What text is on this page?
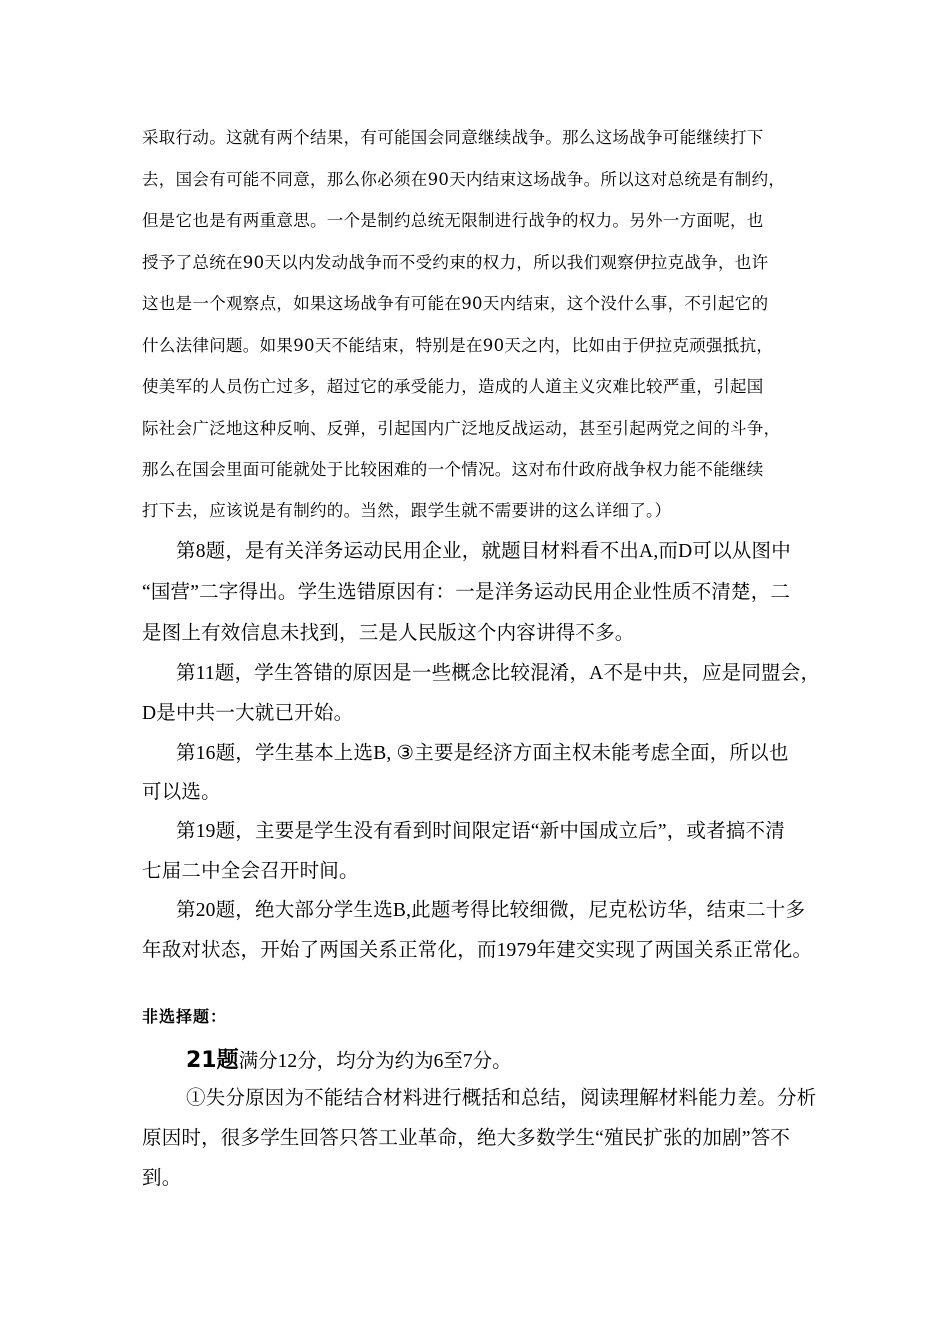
采取行动。这就有两个结果，有可能国会同意继续战争。那么这场战争可能继续打下
去，国会有可能不同意，那么你必须在90天内结束这场战争。所以这对总统是有制约，
但是它也是有两重意思。一个是制约总统无限制进行战争的权力。另外一方面呢，也
授予了总统在90天以内发动战争而不受约束的权力，所以我们观察伊拉克战争，也许
这也是一个观察点，如果这场战争有可能在90天内结束，这个没什么事，不引起它的
什么法律问题。如果90天不能结束，特别是在90天之内，比如由于伊拉克顽强抵抗，
使美军的人员伤亡过多，超过它的承受能力，造成的人道主义灾难比较严重，引起国
际社会广泛地这种反响、反弹，引起国内广泛地反战运动，甚至引起两党之间的斗争，
那么在国会里面可能就处于比较困难的一个情况。这对布什政府战争权力能不能继续
打下去，应该说是有制约的。当然，跟学生就不需要讲的这么详细了。）
第8题，是有关洋务运动民用企业，就题目材料看不出A,而D可以从图中
“国营”二字得出。学生选错原因有：一是洋务运动民用企业性质不清楚，二
是图上有效信息未找到，三是人民版这个内容讲得不多。
第11题，学生答错的原因是一些概念比较混淆，A不是中共，应是同盟会，
D是中共一大就已开始。
第16题，学生基本上选B, ③主要是经济方面主权未能考虑全面，所以也
可以选。
第19题，主要是学生没有看到时间限定语“新中国成立后”，或者搞不清
七届二中全会召开时间。
第20题，绝大部分学生选B,此题考得比较细微，尼克松访华，结束二十多
年敌对状态，开始了两国关系正常化，而1979年建交实现了两国关系正常化。
非选择题：
21题满分12分，均分为约为6至7分。
①失分原因为不能结合材料进行概括和总结，阅读理解材料能力差。分析
原因时，很多学生回答只答工业革命，绝大多数学生“殖民扩张的加剧”答不
到。
